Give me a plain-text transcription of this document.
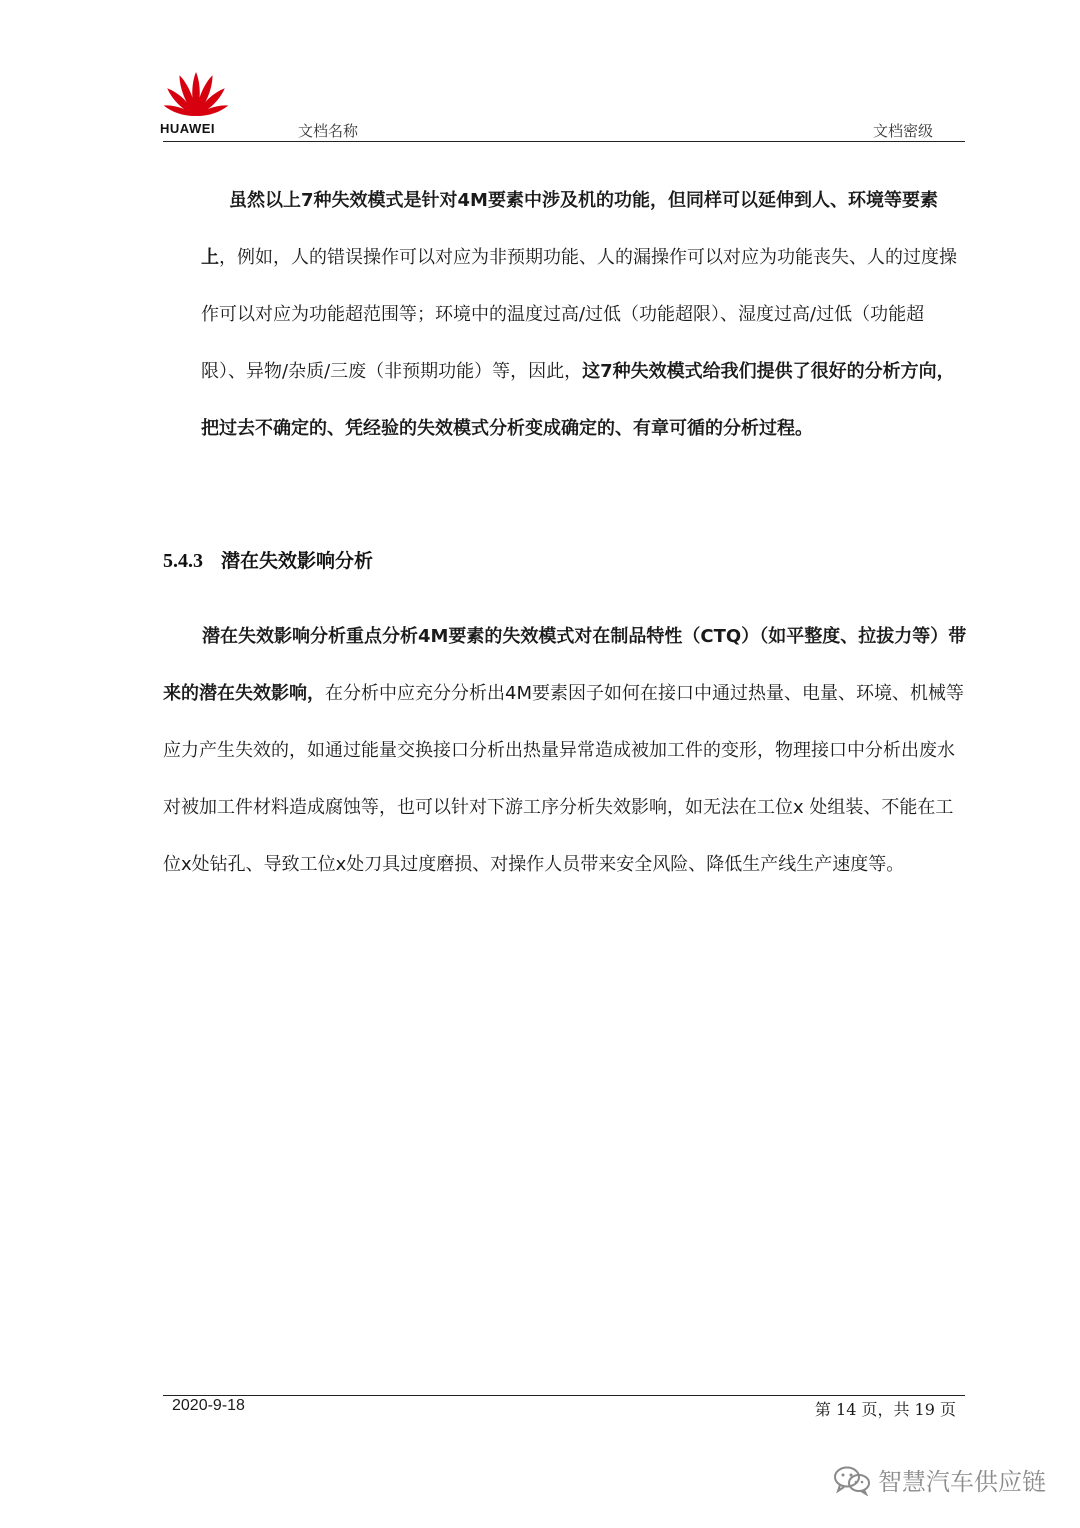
HUAWEI	文档名称	文档密级

虽然以上7种失效模式是针对4M要素中涉及机的功能，但同样可以延伸到人、环境等要素上，例如，人的错误操作可以对应为非预期功能、人的漏操作可以对应为功能丧失、人的过度操作可以对应为功能超范围等；环境中的温度过高/过低（功能超限）、湿度过高/过低（功能超限）、异物/杂质/三废（非预期功能）等，因此，这7种失效模式给我们提供了很好的分析方向，把过去不确定的、凭经验的失效模式分析变成确定的、有章可循的分析过程。

5.4.3 潜在失效影响分析

潜在失效影响分析重点分析4M要素的失效模式对在制品特性（CTQ）（如平整度、拉拔力等）带来的潜在失效影响，在分析中应充分分析出4M要素因子如何在接口中通过热量、电量、环境、机械等应力产生失效的，如通过能量交换接口分析出热量异常造成被加工件的变形，物理接口中分析出废水对被加工件材料造成腐蚀等，也可以针对下游工序分析失效影响，如无法在工位x 处组装、不能在工位x处钻孔、导致工位x处刀具过度磨损、对操作人员带来安全风险、降低生产线生产速度等。

2020-9-18	第 14 页，共 19 页
智慧汽车供应链
